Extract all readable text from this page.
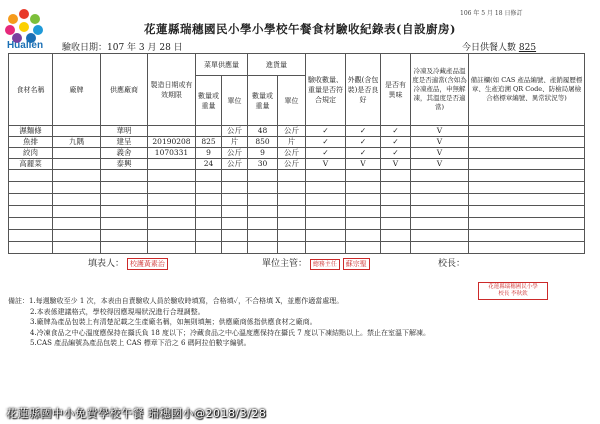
Hualien
106 年 5 月 18 日修訂
花蓮縣瑞穗國民小學小學校午餐食材驗收紀錄表(自設廚房)
驗收日期：107 年 3 月 28 日	今日供餐人數 825
食材名稱	廠牌	供應廠商	製造日期或有效期限	菜單供應量		進貨量		驗收數量、重量是否符合規定	外觀(含包裝)是否良好	是否有異味	冷凍及冷藏產品溫度是否適當(含如為冷凍產品，申無解凍，其溫度是否適當)	備註欄(如 CAS 產品編號、產銷履歷標章、生產追溯 QR Code、防檢局屠檢合格標章編號、異常狀況等)
				數量或重量	單位	數量或重量	單位					
濕麵條		華明			公斤	48	公斤	✓	✓	✓	V	
魚排	九隅	建呈	20190208	825	片	850	片	✓	✓	✓	V	
絞肉		義舍	1070331	9	公斤	9	公斤	✓	✓	✓	V	
高麗菜		泰興		24	公斤	30	公斤	V	V	V	V	

填表人： 校護黃素治	單位主管： 總務主任 蘇宗聖	校長：
花蓮縣瑞穗國民小學
校長 李秋欽
備註：1.每週驗收至少 1 次，本表由自責驗收人員於驗收時填寫，合格填✓，不合格填 X，並應作適當處理。
2.本表係建議格式，學校得因應現場狀況進行合理調整。
3.廠牌為產品包裝上有清楚記載之生產廠名稱，如無則填無；供應廠商係指供應食材之廠商。
4.冷凍食品之中心溫度應保持在攝氏負 18 度以下；冷藏食品之中心溫度應保持在攝氏 7 度以下凍結點以上。禁止在室溫下解凍。
5.CAS 產品編號為產品包裝上 CAS 標章下沿之 6 碼阿拉伯數字編號。
花蓮縣國中小免費學校午餐 瑞穗國小@2018/3/28
